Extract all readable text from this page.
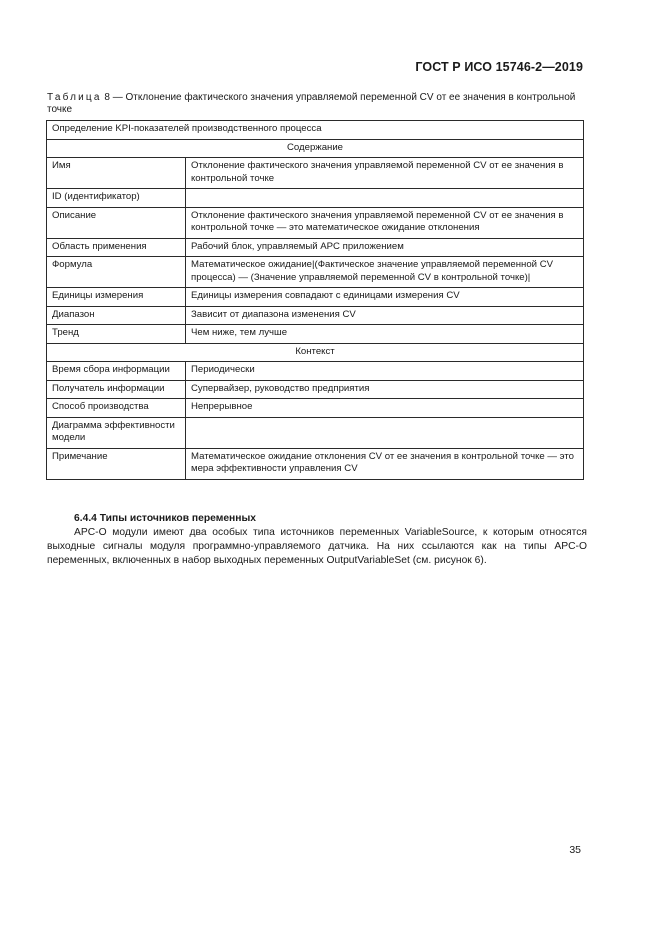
ГОСТ Р ИСО 15746-2—2019
Таблица 8 — Отклонение фактического значения управляемой переменной CV от ее значения в контрольной точке
Определение KPI-показателей производственного процесса	
Содержание	
Имя	Отклонение фактического значения управляемой переменной CV от ее значения в контрольной точке
ID (идентификатор)	
Описание	Отклонение фактического значения управляемой переменной CV от ее значения в контрольной точке — это математическое ожидание отклонения
Область применения	Рабочий блок, управляемый APC приложением
Формула	Математическое ожидание|(Фактическое значение управляемой переменной CV процесса) — (Значение управляемой переменной CV в контрольной точке)|
Единицы измерения	Единицы измерения совпадают с единицами измерения CV
Диапазон	Зависит от диапазона изменения CV
Тренд	Чем ниже, тем лучше
Контекст	
Время сбора информации	Периодически
Получатель информации	Супервайзер, руководство предприятия
Способ производства	Непрерывное
Диаграмма эффективности модели	
Примечание	Математическое ожидание отклонения CV от ее значения в контрольной точке — это мера эффективности управления CV
6.4.4 Типы источников переменных

APC-O модули имеют два особых типа источников переменных VariableSource, к которым относятся выходные сигналы модуля программно-управляемого датчика. На них ссылаются как на типы APC-O переменных, включенных в набор выходных переменных OutputVariableSet (см. рисунок 6).

35
